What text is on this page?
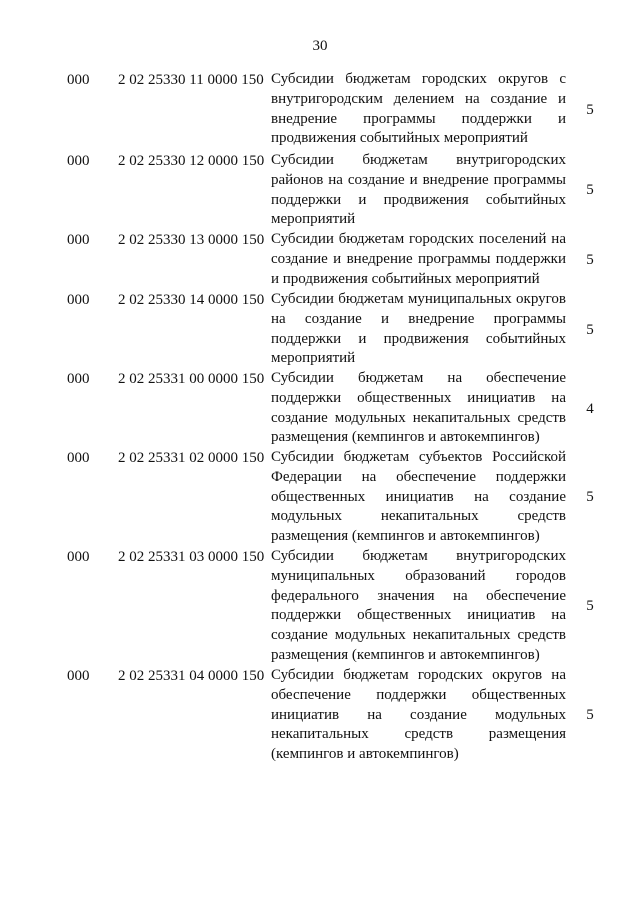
30
000 2 02 25330 11 0000 150 Субсидии бюджетам городских округов с внутригородским делением на создание и внедрение программы поддержки и продвижения событийных мероприятий
5
000 2 02 25330 12 0000 150 Субсидии бюджетам внутригородских районов на создание и внедрение программы поддержки и продвижения событийных мероприятий
5
000 2 02 25330 13 0000 150 Субсидии бюджетам городских поселений на создание и внедрение программы поддержки и продвижения событийных мероприятий
5
000 2 02 25330 14 0000 150 Субсидии бюджетам муниципальных округов на создание и внедрение программы поддержки и продвижения событийных мероприятий
5
000 2 02 25331 00 0000 150 Субсидии бюджетам на обеспечение поддержки общественных инициатив на создание модульных некапитальных средств размещения (кемпингов и автокемпингов)
4
000 2 02 25331 02 0000 150 Субсидии бюджетам субъектов Российской Федерации на обеспечение поддержки общественных инициатив на создание модульных некапитальных средств размещения (кемпингов и автокемпингов)
5
000 2 02 25331 03 0000 150 Субсидии бюджетам внутригородских муниципальных образований городов федерального значения на обеспечение поддержки общественных инициатив на создание модульных некапитальных средств размещения (кемпингов и автокемпингов)
5
000 2 02 25331 04 0000 150 Субсидии бюджетам городских округов на обеспечение поддержки общественных инициатив на создание модульных некапитальных средств размещения (кемпингов и автокемпингов)
5
